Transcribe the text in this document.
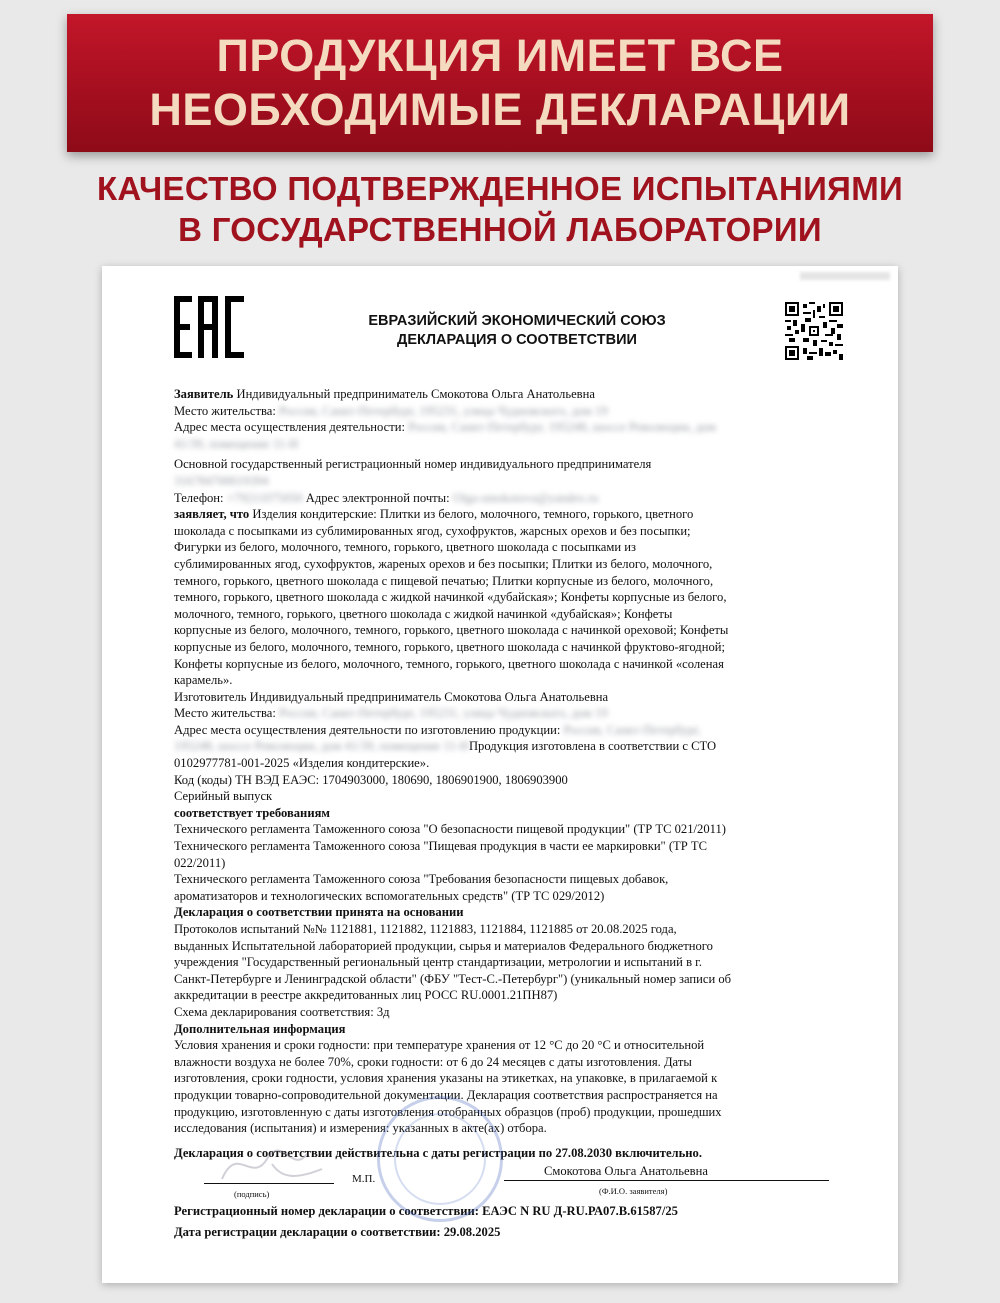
ПРОДУКЦИЯ ИМЕЕТ ВСЕ
НЕОБХОДИМЫЕ ДЕКЛАРАЦИИ
КАЧЕСТВО ПОДТВЕРЖДЕННОЕ ИСПЫТАНИЯМИ
В ГОСУДАРСТВЕННОЙ ЛАБОРАТОРИИ
ЕВРАЗИЙСКИЙ ЭКОНОМИЧЕСКИЙ СОЮЗ
ДЕКЛАРАЦИЯ О СООТВЕТСТВИИ
Заявитель Индивидуальный предприниматель Смокотова Ольга Анатольевна
Место жительства: Россия, Санкт-Петербург, 195231, улица Чудновского, дом 19
Адрес места осуществления деятельности: Россия, Санкт-Петербург, 195248, шоссе Революции, дом
41/39, помещение 11-Н
Основной государственный регистрационный номер индивидуального предпринимателя
316784700019394
Телефон: +79211075050 Адрес электронной почты: Olga-smokotova@yandex.ru
заявляет, что Изделия кондитерские: Плитки из белого, молочного, темного, горького, цветного
шоколада с посыпками из сублимированных ягод, сухофруктов, жарсных орехов и без посыпки;
Фигурки из белого, молочного, темного, горького, цветного шоколада с посыпками из
сублимированных ягод, сухофруктов, жареных орехов и без посыпки; Плитки из белого, молочного,
темного, горького, цветного шоколада с пищевой печатью; Плитки корпусные из белого, молочного,
темного, горького, цветного шоколада с жидкой начинкой «дубайская»; Конфеты корпусные из белого,
молочного, темного, горького, цветного шоколада с жидкой начинкой «дубайская»; Конфеты
корпусные из белого, молочного, темного, горького, цветного шоколада с начинкой ореховой; Конфеты
корпусные из белого, молочного, темного, горького, цветного шоколада с начинкой фруктово-ягодной;
Конфеты корпусные из белого, молочного, темного, горького, цветного шоколада с начинкой «соленая
карамель».
Изготовитель Индивидуальный предприниматель Смокотова Ольга Анатольевна
Место жительства: Россия, Санкт-Петербург, 195231, улица Чудновского, дом 19
Адрес места осуществления деятельности по изготовлению продукции: Россия, Санкт-Петербург,
195248, шоссе Революции, дом 41/39, помещение 11-НПродукция изготовлена в соответствии с СТО
0102977781-001-2025 «Изделия кондитерские».
Код (коды) ТН ВЭД ЕАЭС: 1704903000, 180690, 1806901900, 1806903900
Серийный выпуск
соответствует требованиям
Технического регламента Таможенного союза "О безопасности пищевой продукции" (ТР ТС 021/2011)
Технического регламента Таможенного союза "Пищевая продукция в части ее маркировки" (ТР ТС
022/2011)
Технического регламента Таможенного союза "Требования безопасности пищевых добавок,
ароматизаторов и технологических вспомогательных средств" (ТР ТС 029/2012)
Декларация о соответствии принята на основании
Протоколов испытаний №№ 1121881, 1121882, 1121883, 1121884, 1121885 от 20.08.2025 года,
выданных Испытательной лабораторией продукции, сырья и материалов Федерального бюджетного
учреждения "Государственный региональный центр стандартизации, метрологии и испытаний в г.
Санкт-Петербурге и Ленинградской области" (ФБУ "Тест-С.-Петербург") (уникальный номер записи об
аккредитации в реестре аккредитованных лиц РОСС RU.0001.21ПН87)
Схема декларирования соответствия: 3д
Дополнительная информация
Условия хранения и сроки годности: при температуре хранения от 12 °С до 20 °С и относительной
влажности воздуха не более 70%, сроки годности: от 6 до 24 месяцев с даты изготовления. Даты
изготовления, сроки годности, условия хранения указаны на этикетках, на упаковке, в прилагаемой к
продукции товарно-сопроводительной документации. Декларация соответствия распространяется на
продукцию, изготовленную с даты изготовления отобранных образцов (проб) продукции, прошедших
исследования (испытания) и измерения: указанных в акте(ах) отбора.
Декларация о соответствии действительна с даты регистрации по 27.08.2030 включительно.
(подпись)
М.П.
Смокотова Ольга Анатольевна
(Ф.И.О. заявителя)
Регистрационный номер декларации о соответствии: ЕАЭС N RU Д-RU.РА07.В.61587/25
Дата регистрации декларации о соответствии: 29.08.2025
